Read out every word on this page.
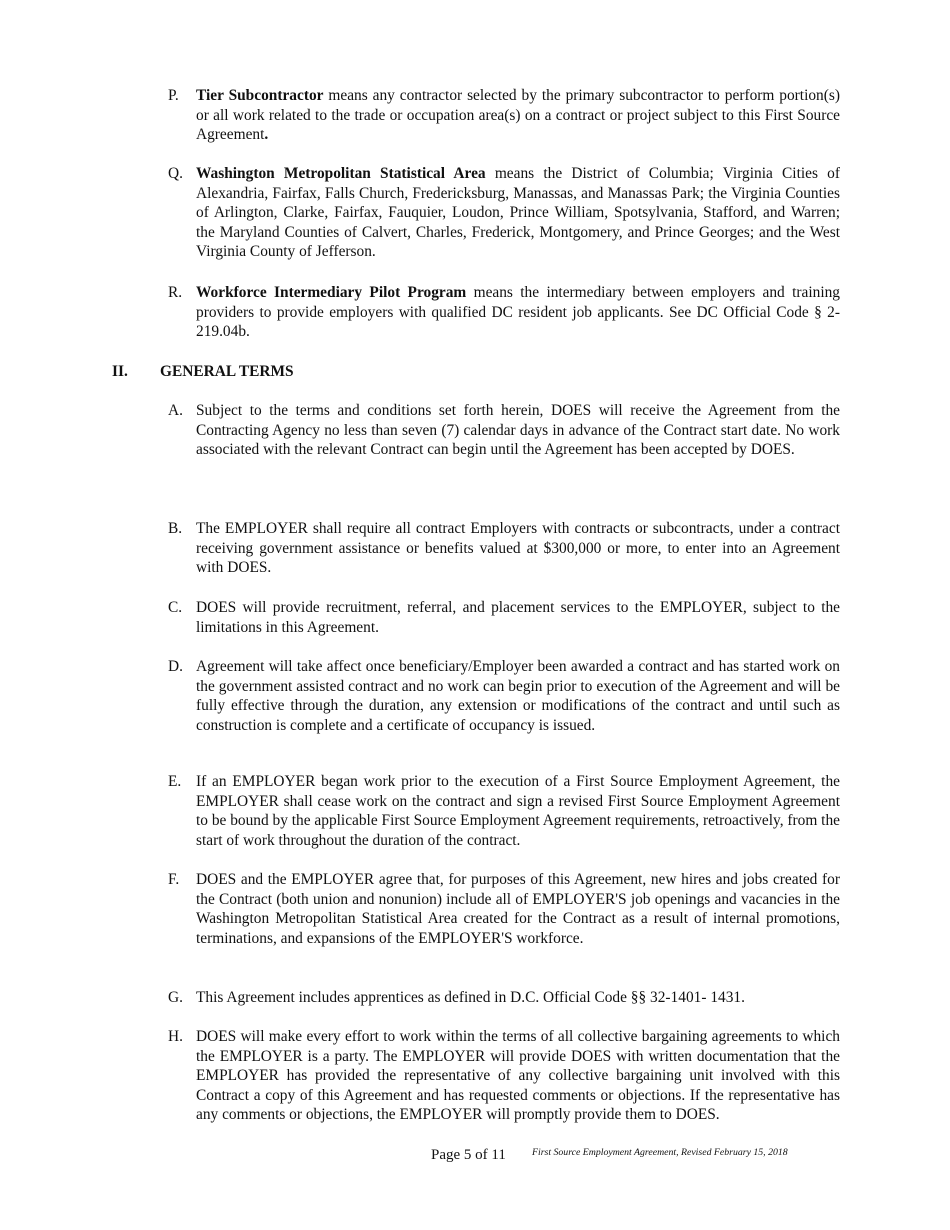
P.	Tier Subcontractor means any contractor selected by the primary subcontractor to perform portion(s) or all work related to the trade or occupation area(s) on a contract or project subject to this First Source Agreement.
Q. Washington Metropolitan Statistical Area means the District of Columbia; Virginia Cities of Alexandria, Fairfax, Falls Church, Fredericksburg, Manassas, and Manassas Park; the Virginia Counties of Arlington, Clarke, Fairfax, Fauquier, Loudon, Prince William, Spotsylvania, Stafford, and Warren; the Maryland Counties of Calvert, Charles, Frederick, Montgomery, and Prince Georges; and the West Virginia County of Jefferson.
R. Workforce Intermediary Pilot Program means the intermediary between employers and training providers to provide employers with qualified DC resident job applicants. See DC Official Code § 2-219.04b.
II.	GENERAL TERMS
A. Subject to the terms and conditions set forth herein, DOES will receive the Agreement from the Contracting Agency no less than seven (7) calendar days in advance of the Contract start date. No work associated with the relevant Contract can begin until the Agreement has been accepted by DOES.
B. The EMPLOYER shall require all contract Employers with contracts or subcontracts, under a contract receiving government assistance or benefits valued at $300,000 or more, to enter into an Agreement with DOES.
C. DOES will provide recruitment, referral, and placement services to the EMPLOYER, subject to the limitations in this Agreement.
D. Agreement will take affect once beneficiary/Employer been awarded a contract and has started work on the government assisted contract and no work can begin prior to execution of the Agreement and will be fully effective through the duration, any extension or modifications of the contract and until such as construction is complete and a certificate of occupancy is issued.
E. If an EMPLOYER began work prior to the execution of a First Source Employment Agreement, the EMPLOYER shall cease work on the contract and sign a revised First Source Employment Agreement to be bound by the applicable First Source Employment Agreement requirements, retroactively, from the start of work throughout the duration of the contract.
F.	DOES and the EMPLOYER agree that, for purposes of this Agreement, new hires and jobs created for the Contract (both union and nonunion) include all of EMPLOYER'S job openings and vacancies in the Washington Metropolitan Statistical Area created for the Contract as a result of internal promotions, terminations, and expansions of the EMPLOYER'S workforce.
G. This Agreement includes apprentices as defined in D.C. Official Code §§ 32-1401- 1431.
H. DOES will make every effort to work within the terms of all collective bargaining agreements to which the EMPLOYER is a party. The EMPLOYER will provide DOES with written documentation that the EMPLOYER has provided the representative of any collective bargaining unit involved with this Contract a copy of this Agreement and has requested comments or objections. If the representative has any comments or objections, the EMPLOYER will promptly provide them to DOES.
Page 5 of 11	First Source Employment Agreement, Revised February 15, 2018
